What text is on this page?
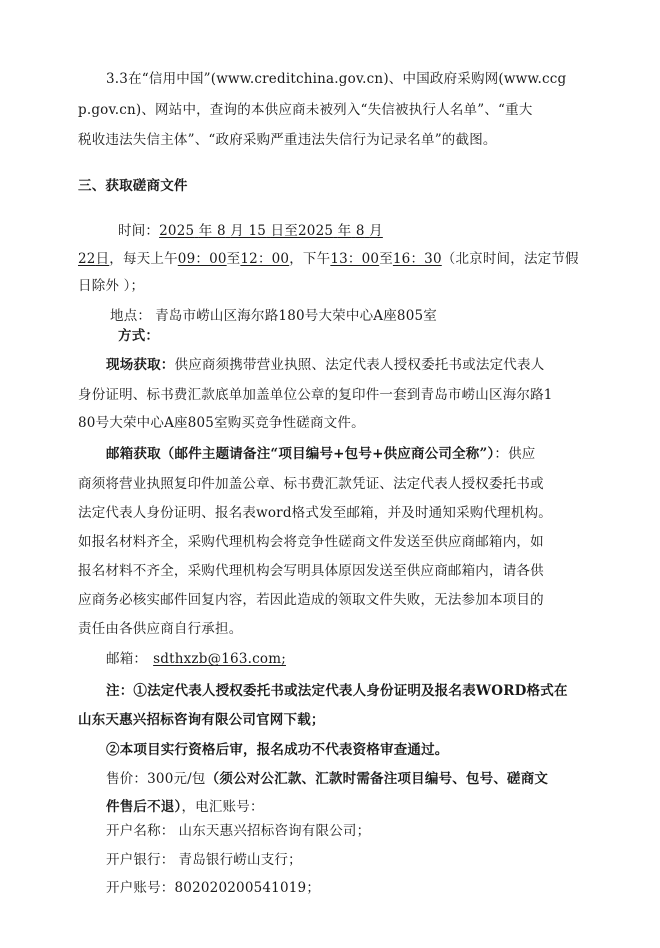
3.3在“信用中国”(www.creditchina.gov.cn)、中国政府采购网(www.ccg
p.gov.cn)、网站中，查询的本供应商未被列入“失信被执行人名单”、“重大
税收违法失信主体”、“政府采购严重违法失信行为记录名单”的截图。
三、获取磋商文件
时间：2025 年 8 月 15 日至2025 年 8 月
22日，每天上午09：00至12：00，下午13：00至16：30（北京时间，法定节假
日除外 ）；
地点： 青岛市崂山区海尔路180号大荣中心A座805室
方式：
现场获取：供应商须携带营业执照、法定代表人授权委托书或法定代表人
身份证明、标书费汇款底单加盖单位公章的复印件一套到青岛市崂山区海尔路1
80号大荣中心A座805室购买竞争性磋商文件。
邮箱获取（邮件主题请备注“项目编号+包号+供应商公司全称”）：供应
商须将营业执照复印件加盖公章、标书费汇款凭证、法定代表人授权委托书或
法定代表人身份证明、报名表word格式发至邮箱，并及时通知采购代理机构。
如报名材料齐全，采购代理机构会将竞争性磋商文件发送至供应商邮箱内，如
报名材料不齐全，采购代理机构会写明具体原因发送至供应商邮箱内，请各供
应商务必核实邮件回复内容，若因此造成的领取文件失败，无法参加本项目的
责任由各供应商自行承担。
邮箱： sdthxzb@163.com;
注：①法定代表人授权委托书或法定代表人身份证明及报名表WORD格式在
山东天惠兴招标咨询有限公司官网下载；
②本项目实行资格后审，报名成功不代表资格审查通过。
售价：300元/包（须公对公汇款、汇款时需备注项目编号、包号、磋商文
件售后不退），电汇账号：
开户名称： 山东天惠兴招标咨询有限公司；
开户银行： 青岛银行崂山支行；
开户账号：802020200541019；
